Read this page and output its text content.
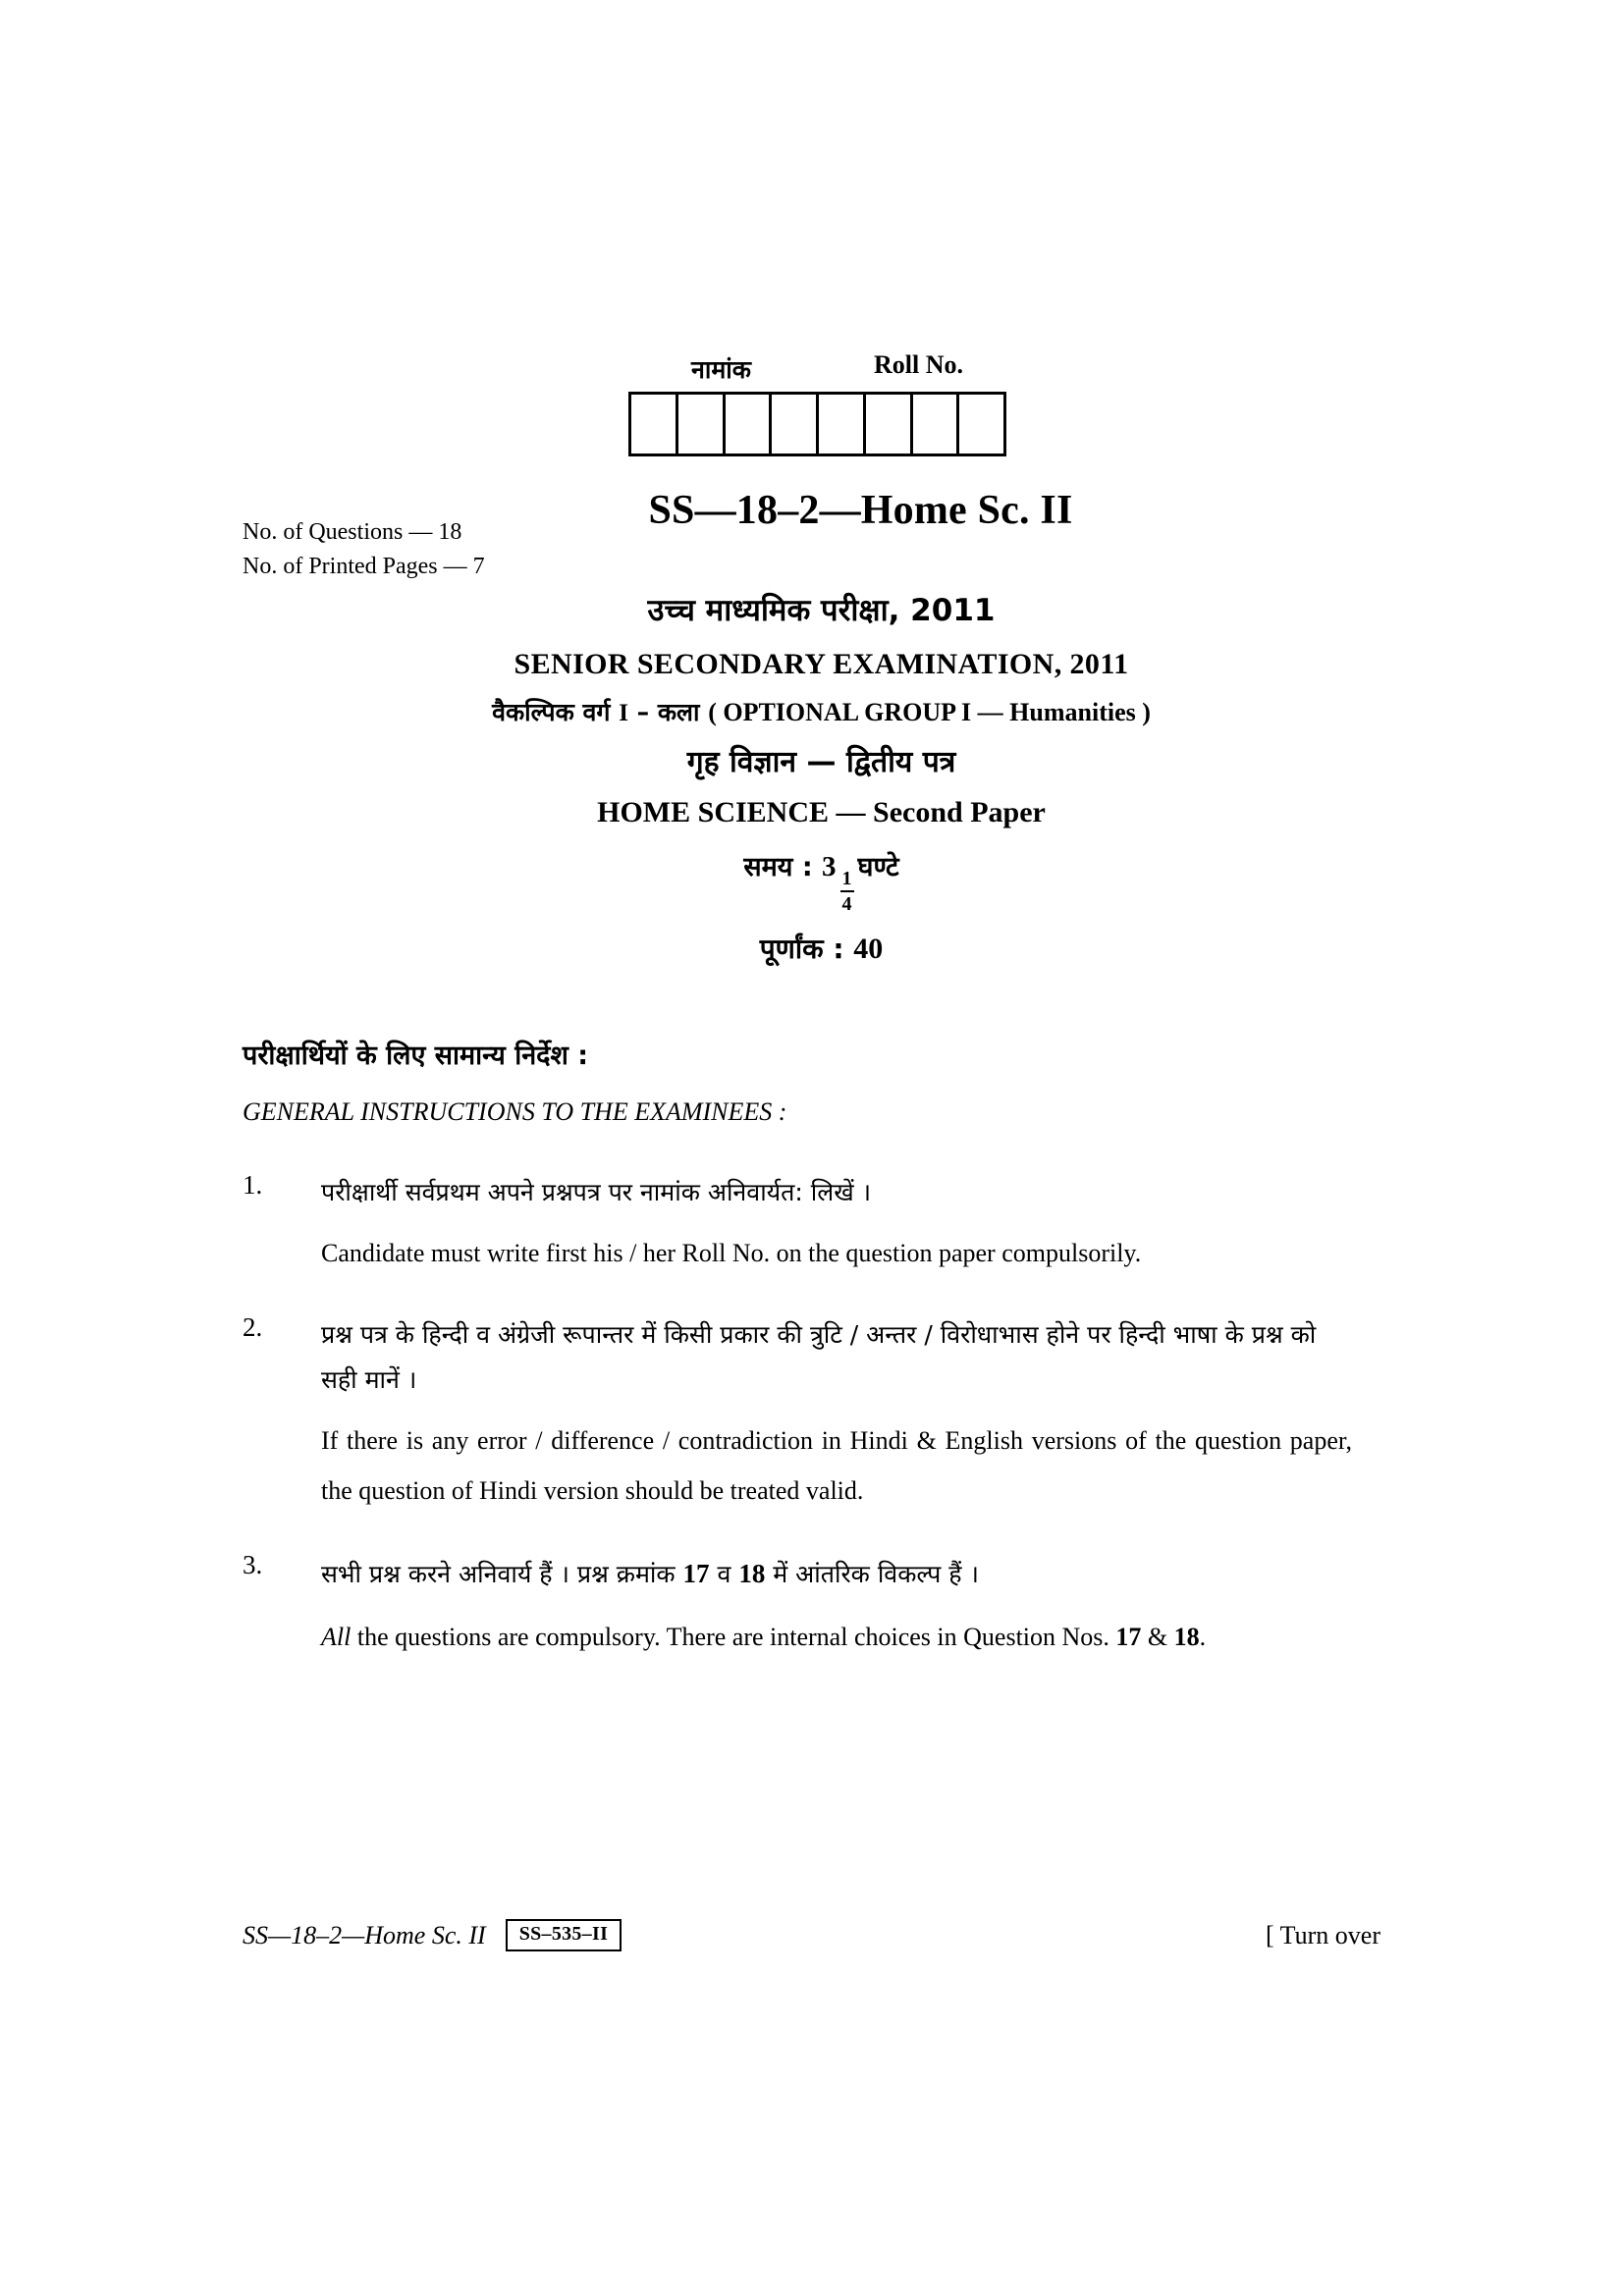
नामांक	Roll No.
No. of Questions — 18
No. of Printed Pages — 7
SS—18–2—Home Sc. II
उच्च माध्यमिक परीक्षा, 2011
SENIOR SECONDARY EXAMINATION, 2011
वैकल्पिक वर्ग I – कला ( OPTIONAL GROUP I — Humanities )
गृह विज्ञान — द्वितीय पत्र
HOME SCIENCE — Second Paper
समय : 3
$\frac{1}{4}$
घण्टे
पूर्णांक : 40
परीक्षार्थियों के लिए सामान्य निर्देश :
GENERAL INSTRUCTIONS TO THE EXAMINEES :
1. परीक्षार्थी सर्वप्रथम अपने प्रश्नपत्र पर नामांक अनिवार्यत: लिखें ।
Candidate must write first his / her Roll No. on the question paper compulsorily.
2. प्रश्न पत्र के हिन्दी व अंग्रेजी रूपान्तर में किसी प्रकार की त्रुटि / अन्तर / विरोधाभास होने पर हिन्दी भाषा के प्रश्न को सही मानें ।
If there is any error / difference / contradiction in Hindi & English versions of the question paper, the question of Hindi version should be treated valid.
3. सभी प्रश्न करने अनिवार्य हैं । प्रश्न क्रमांक 17 व 18 में आंतरिक विकल्प हैं ।
All the questions are compulsory. There are internal choices in Question Nos. 17 & 18.
SS—18–2—Home Sc. II	SS–535–II	[ Turn over
